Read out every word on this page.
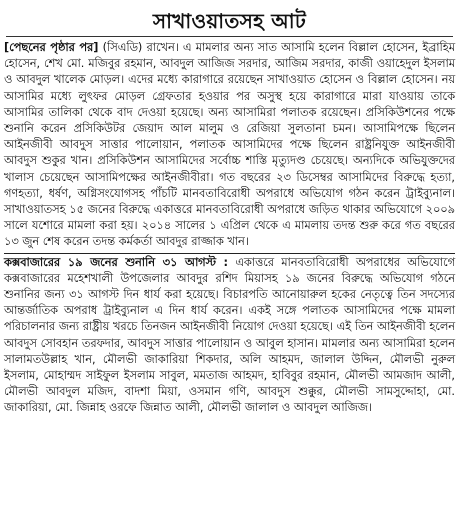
সাখাওয়াতসহ আট

[পেছনের পৃষ্ঠার পর] (সিএডি) রাখেন। এ মামলার অন্য সাত আসামি হলেন বিল্লাল হোসেন, ইব্রাহিম হোসেন, শেখ মো. মজিবুর রহমান, আবদুল আজিজ সরদার, আজিম সরদার, কাজী ওয়াহেদুল ইসলাম ও আবদুল খালেক মোড়ল। এদের মধ্যে কারাগারে রয়েছেন সাখাওয়াত হোসেন ও বিল্লাল হোসেন। নয় আসামির মধ্যে লুৎফর মোড়ল গ্রেফতার হওয়ার পর অসুস্থ হয়ে কারাগারে মারা যাওয়ায় তাকে আসামির তালিকা থেকে বাদ দেওয়া হয়েছে। অন্য আসামিরা পলাতক রয়েছেন। প্রসিকিউশনের পক্ষে শুনানি করেন প্রসিকিউটর জেয়াদ আল মালুম ও রেজিয়া সুলতানা চমন। আসামিপক্ষে ছিলেন আইনজীবী আবদুস সাত্তার পালোয়ান, পলাতক আসামিদের পক্ষে ছিলেন রাষ্ট্রনিযুক্ত আইনজীবী আবদুস শুকুর খান। প্রসিকিউশন আসামিদের সর্বোচ্চ শাস্তি মৃত্যুদণ্ড চেয়েছে। অন্যদিকে অভিযুক্তদের খালাস চেয়েছেন আসামিপক্ষের আইনজীবীরা। গত বছরের ২৩ ডিসেম্বর আসামিদের বিরুদ্ধে হত্যা, গণহত্যা, ধর্ষণ, অগ্নিসংযোগসহ পাঁচটি মানবতাবিরোধী অপরাধে অভিযোগ গঠন করেন ট্রাইব্যুনাল। সাখাওয়াতসহ ১৫ জনের বিরুদ্ধে একাত্তরে মানবতাবিরোধী অপরাধে জড়িত থাকার অভিযোগে ২০০৯ সালে যশোরে মামলা করা হয়। ২০১৪ সালের ১ এপ্রিল থেকে এ মামলায় তদন্ত শুরু করে গত বছরের ১৩ জুন শেষ করেন তদন্ত কর্মকর্তা আবদুর রাজ্জাক খান।

কক্সবাজারের ১৯ জনের শুনানি ৩১ আগস্ট : একাত্তরে মানবতাবিরোধী অপরাধের অভিযোগে কক্সবাজারের মহেশখালী উপজেলার আবদুর রশিদ মিয়াসহ ১৯ জনের বিরুদ্ধে অভিযোগ গঠনে শুনানির জন্য ৩১ আগস্ট দিন ধার্য করা হয়েছে। বিচারপতি আনোয়ারুল হকের নেতৃত্বে তিন সদস্যের আন্তর্জাতিক অপরাধ ট্রাইব্যুনাল এ দিন ধার্য করেন। একই সঙ্গে পলাতক আসামিদের পক্ষে মামলা পরিচালনার জন্য রাষ্ট্রীয় খরচে তিনজন আইনজীবী নিয়োগ দেওয়া হয়েছে। এই তিন আইনজীবী হলেন আবদুস সোবহান তরফদার, আবদুস সাত্তার পালোয়ান ও আবুল হাসান। মামলার অন্য আসামিরা হলেন সালামতউল্লাহ খান, মৌলভী জাকারিয়া শিকদার, অলি আহমদ, জালাল উদ্দিন, মৌলভী নুরুল ইসলাম, মোহাম্মদ সাইফুল ইসলাম সাবুল, মমতাজ আহমদ, হাবিবুর রহমান, মৌলভী আমজাদ আলী, মৌলভী আবদুল মজিদ, বাদশা মিয়া, ওসমান গণি, আবদুস শুক্কুর, মৌলভী সামসুদ্দোহা, মো. জাকারিয়া, মো. জিন্নাহ ওরফে জিন্নাত আলী, মৌলভী জালাল ও আবদুল আজিজ।
